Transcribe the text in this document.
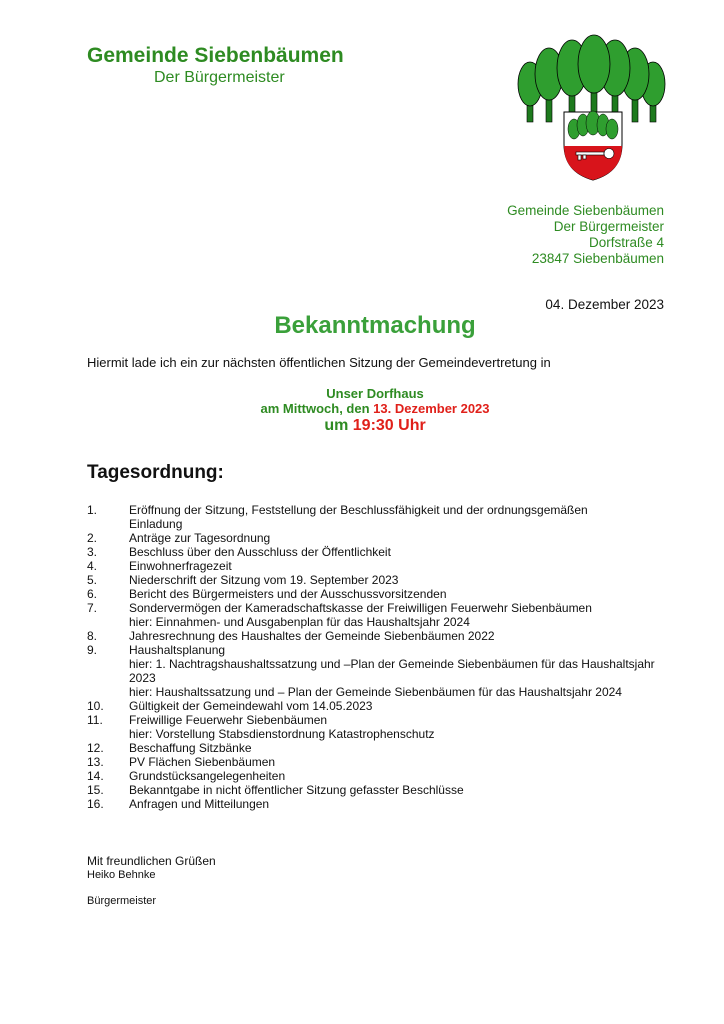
Gemeinde Siebenbäumen
Der Bürgermeister
Gemeinde Siebenbäumen
Der Bürgermeister
Dorfstraße 4
23847 Siebenbäumen
04. Dezember 2023
Bekanntmachung
Hiermit lade ich ein zur nächsten öffentlichen Sitzung der Gemeindevertretung in
Unser Dorfhaus
am Mittwoch, den 13. Dezember 2023
um 19:30 Uhr
Tagesordnung:
1.	Eröffnung der Sitzung, Feststellung der Beschlussfähigkeit und der ordnungsgemäßen
Einladung
2.	Anträge zur Tagesordnung
3.	Beschluss über den Ausschluss der Öffentlichkeit
4.	Einwohnerfragezeit
5.	Niederschrift der Sitzung vom 19. September 2023
6.	Bericht des Bürgermeisters und der Ausschussvorsitzenden
7.	Sondervermögen der Kameradschaftskasse der Freiwilligen Feuerwehr Siebenbäumen
hier: Einnahmen- und Ausgabenplan für das Haushaltsjahr 2024
8.	Jahresrechnung des Haushaltes der Gemeinde Siebenbäumen 2022
9.	Haushaltsplanung
hier: 1. Nachtragshaushaltssatzung und –Plan der Gemeinde Siebenbäumen für das Haushaltsjahr
2023
hier: Haushaltssatzung und – Plan der Gemeinde Siebenbäumen für das Haushaltsjahr 2024
10.	Gültigkeit der Gemeindewahl vom 14.05.2023
11.	Freiwillige Feuerwehr Siebenbäumen
hier: Vorstellung Stabsdienstordnung Katastrophenschutz
12.	Beschaffung Sitzbänke
13.	PV Flächen Siebenbäumen
14.	Grundstücksangelegenheiten
15.	Bekanntgabe in nicht öffentlicher Sitzung gefasster Beschlüsse
16.	Anfragen und Mitteilungen
Mit freundlichen Grüßen
Heiko Behnke
Bürgermeister
